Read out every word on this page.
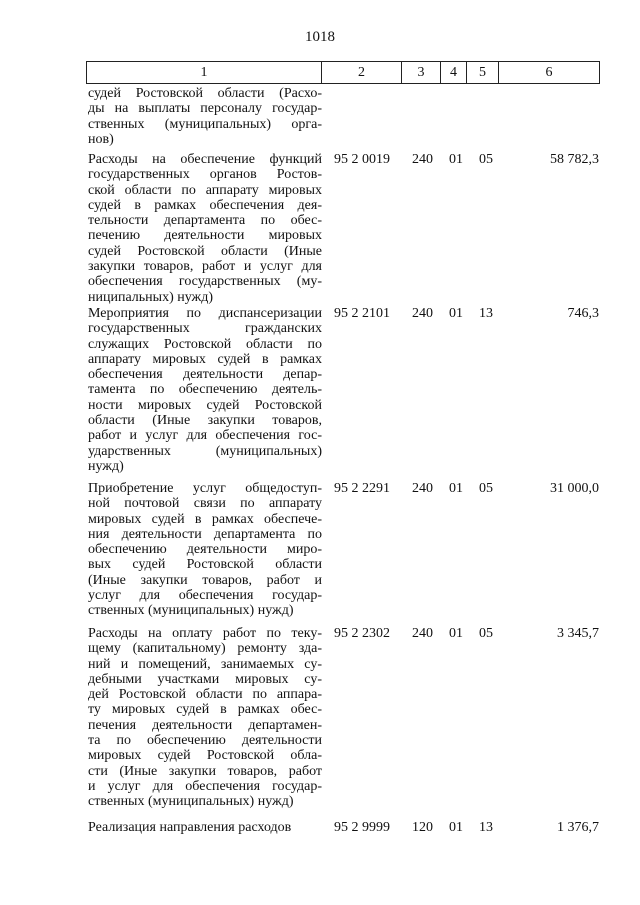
1018
1	2	3	4	5	6
судей Ростовской области (Расхо-
ды на выплаты персоналу государ-
ственных (муниципальных) орга-
нов)
Расходы на обеспечение функций
государственных органов Ростов-
ской области по аппарату мировых
судей в рамках обеспечения дея-
тельности департамента по обес-
печению деятельности мировых
судей Ростовской области (Иные
закупки товаров, работ и услуг для
обеспечения государственных (му-
ниципальных) нужд)
95 2 0019	240	01	05	58 782,3
Мероприятия по диспансеризации
государственных гражданских
служащих Ростовской области по
аппарату мировых судей в рамках
обеспечения деятельности депар-
тамента по обеспечению деятель-
ности мировых судей Ростовской
области (Иные закупки товаров,
работ и услуг для обеспечения гос-
ударственных (муниципальных)
нужд)
95 2 2101	240	01	13	746,3
Приобретение услуг общедоступ-
ной почтовой связи по аппарату
мировых судей в рамках обеспече-
ния деятельности департамента по
обеспечению деятельности миро-
вых судей Ростовской области
(Иные закупки товаров, работ и
услуг для обеспечения государ-
ственных (муниципальных) нужд)
95 2 2291	240	01	05	31 000,0
Расходы на оплату работ по теку-
щему (капитальному) ремонту зда-
ний и помещений, занимаемых су-
дебными участками мировых су-
дей Ростовской области по аппара-
ту мировых судей в рамках обес-
печения деятельности департамен-
та по обеспечению деятельности
мировых судей Ростовской обла-
сти (Иные закупки товаров, работ
и услуг для обеспечения государ-
ственных (муниципальных) нужд)
95 2 2302	240	01	05	3 345,7
Реализация направления расходов	95 2 9999	120	01	13	1 376,7
